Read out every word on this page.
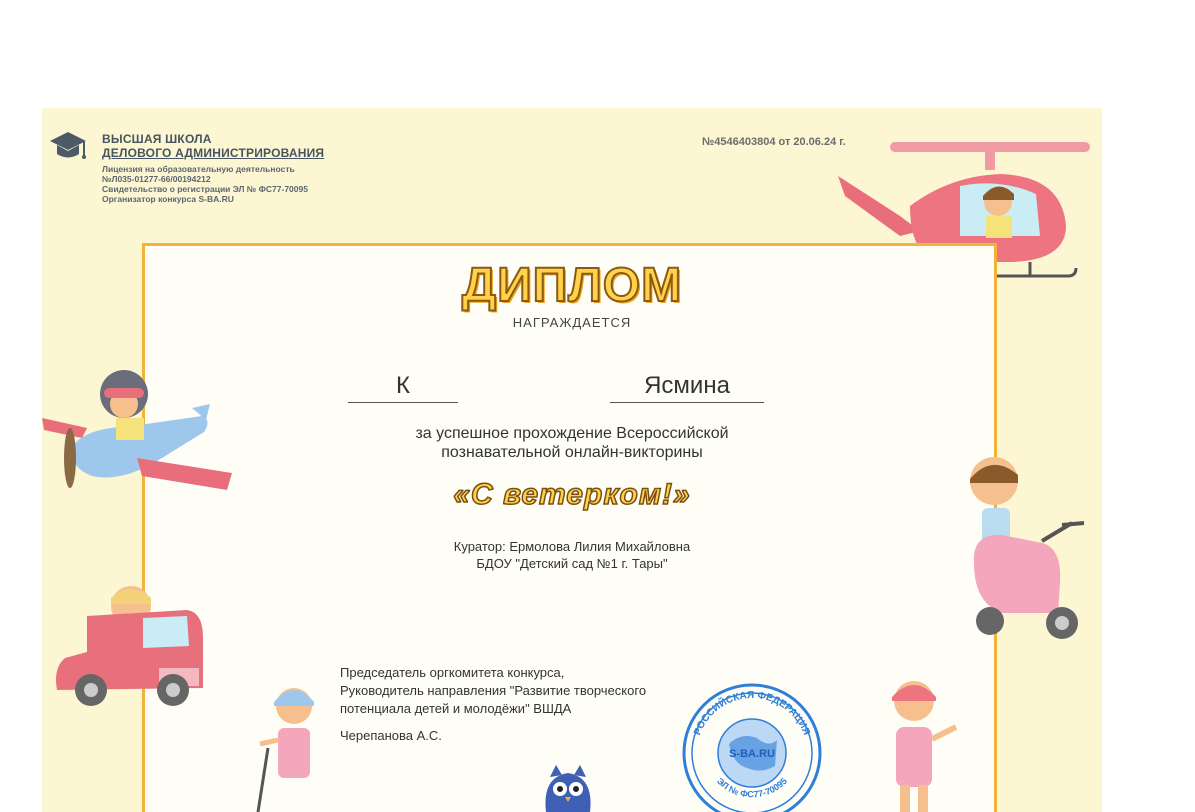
ВЫСШАЯ ШКОЛА
ДЕЛОВОГО АДМИНИСТРИРОВАНИЯ
Лицензия на образовательную деятельность
№Л035-01277-66/00194212
Свидетельство о регистрации ЭЛ № ФС77-70095
Организатор конкурса S-BA.RU
№4546403804 от 20.06.24 г.
ДИПЛОМ
НАГРАЖДАЕТСЯ
К	Ясмина
за успешное прохождение Всероссийской
познавательной онлайн-викторины
«С ветерком!»
Куратор: Ермолова Лилия Михайловна
БДОУ "Детский сад №1 г. Тары"
Председатель оргкомитета конкурса,
Руководитель направления "Развитие творческого
потенциала детей и молодёжи" ВШДА
Черепанова А.С.	РОССИЙСКАЯ ФЕДЕРАЦИЯ
S-BA.RU
ЭЛ № ФС77-70095
